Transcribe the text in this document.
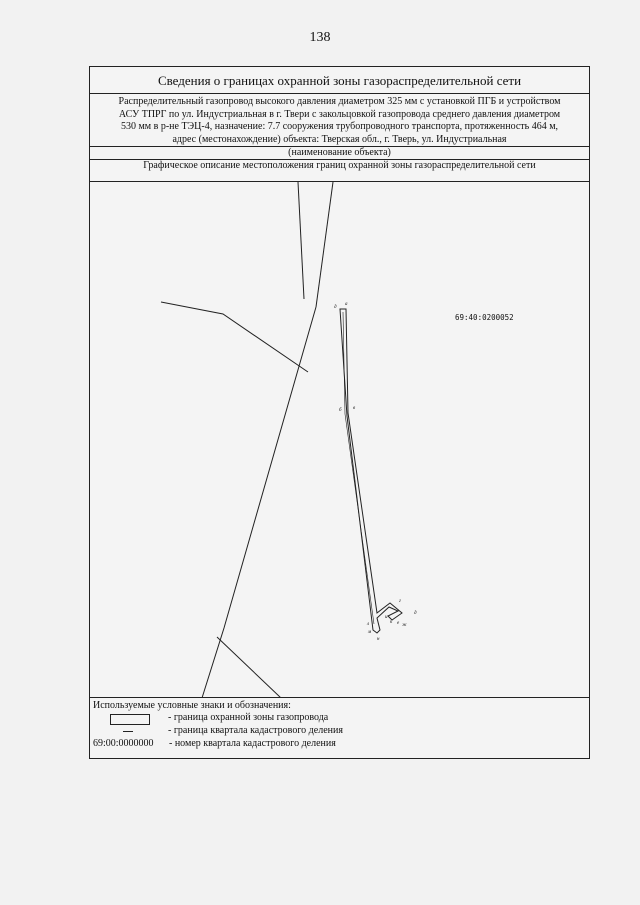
138
Сведения о границах охранной зоны газораспределительной сети
Распределительный газопровод высокого давления диаметром 325 мм с установкой ПГБ и устройством
АСУ ТПРГ по ул. Индустриальная в г. Твери с закольцовкой газопровода среднего давления диаметром
530 мм в р-не ТЭЦ-4, назначение: 7.7 сооружения трубопроводного транспорта, протяженность 464 м,
адрес (местонахождение) объекта: Тверская обл., г. Тверь, ул. Индустриальная
(наименование объекта)
Графическое описание местоположения границ охранной зоны газораспределительной сети
69:40:0200052
д
а
б в
г
д
е ж
и
к
л
м
н
Используемые условные знаки и обозначения:
- граница охранной зоны газопровода
- граница квартала кадастрового деления
69:00:0000000 - номер квартала кадастрового деления
